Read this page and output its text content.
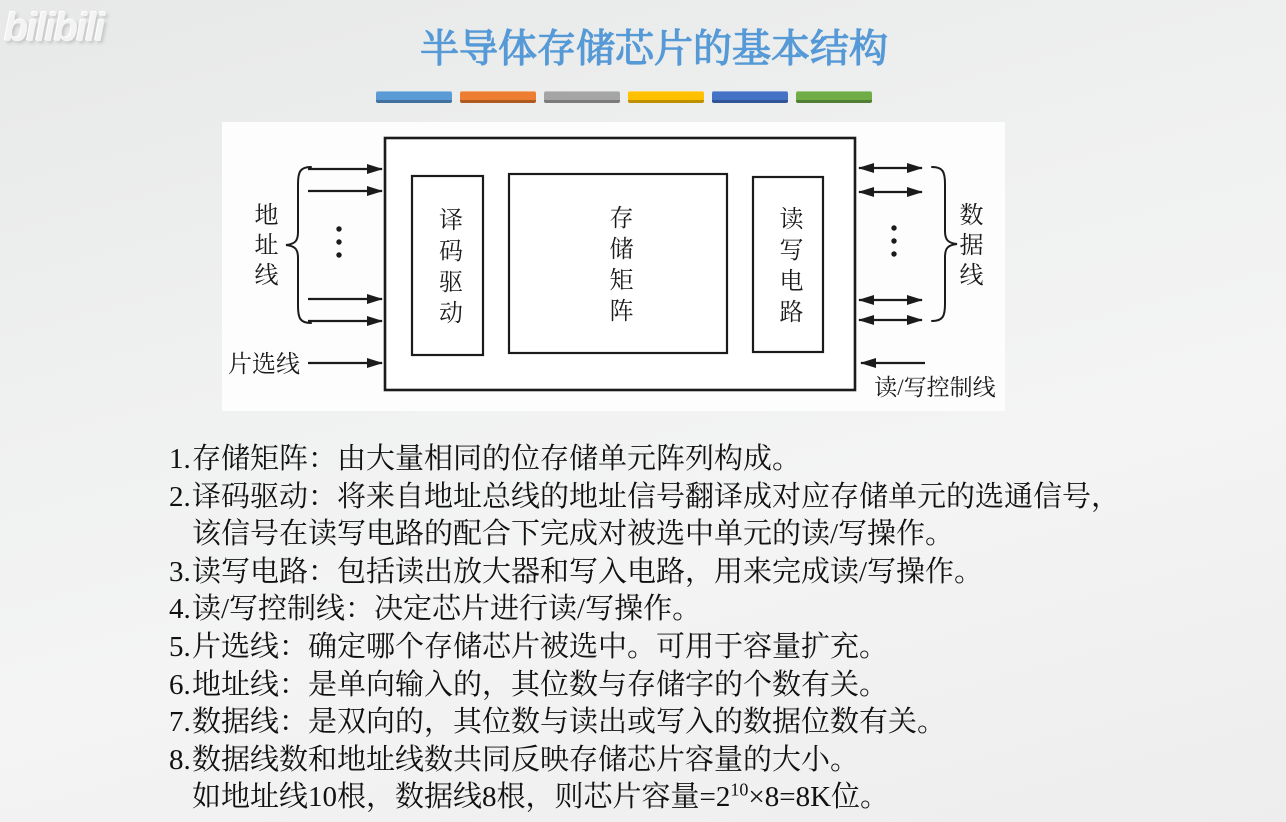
bilibili	半导体存储芯片的基本结构
地址线
片选线
译码驱动	存储矩阵	读写电路	数据线
读/写控制线
1.存储矩阵：由大量相同的位存储单元阵列构成。
2.译码驱动：将来自地址总线的地址信号翻译成对应存储单元的选通信号，
该信号在读写电路的配合下完成对被选中单元的读/写操作。
3.读写电路：包括读出放大器和写入电路，用来完成读/写操作。
4.读/写控制线：决定芯片进行读/写操作。
5.片选线：确定哪个存储芯片被选中。可用于容量扩充。
6.地址线：是单向输入的，其位数与存储字的个数有关。
7.数据线：是双向的，其位数与读出或写入的数据位数有关。
8.数据线数和地址线数共同反映存储芯片容量的大小。
如地址线10根，数据线8根，则芯片容量$=2^{10}\times 8=8K$位。
